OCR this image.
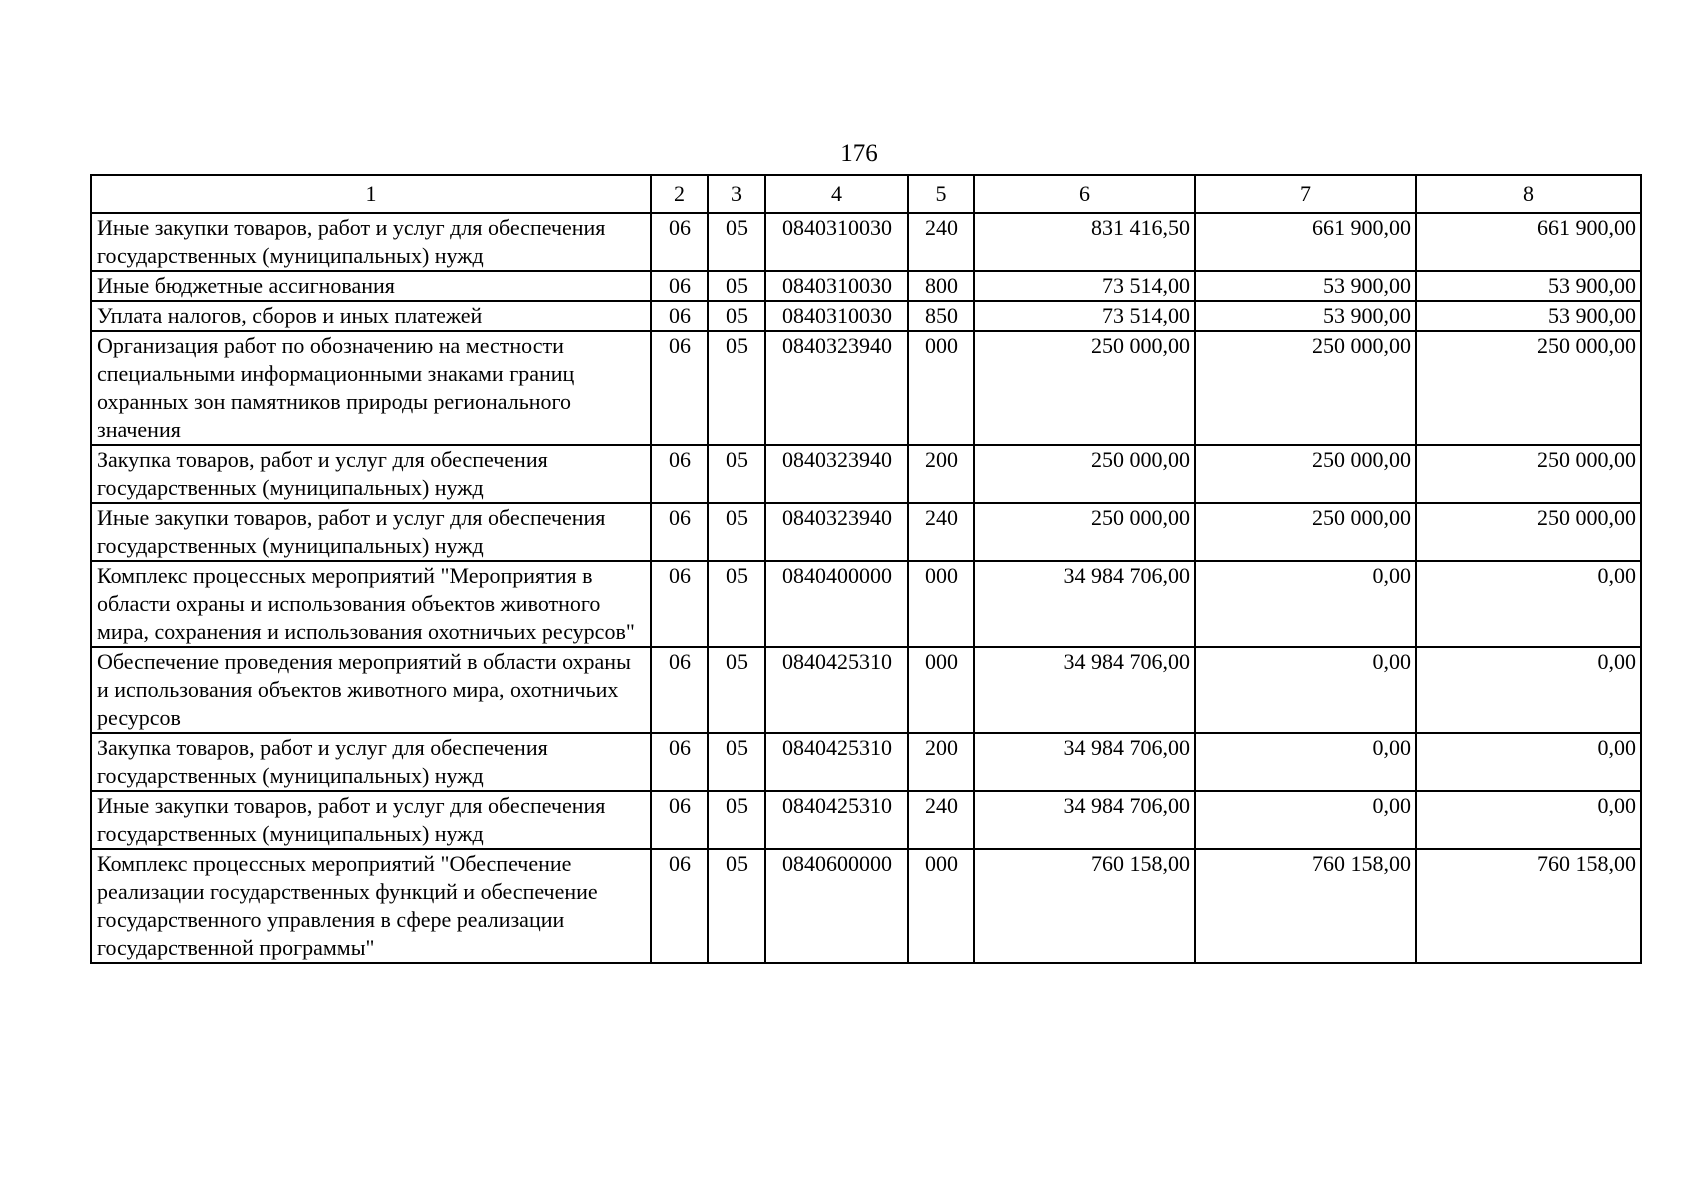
176
1	2	3	4	5	6	7	8
Иные закупки товаров, работ и услуг для обеспечения государственных (муниципальных) нужд	06	05	0840310030	240	831 416,50	661 900,00	661 900,00
Иные бюджетные ассигнования	06	05	0840310030	800	73 514,00	53 900,00	53 900,00
Уплата налогов, сборов и иных платежей	06	05	0840310030	850	73 514,00	53 900,00	53 900,00
Организация работ по обозначению на местности специальными информационными знаками границ охранных зон памятников природы регионального значения	06	05	0840323940	000	250 000,00	250 000,00	250 000,00
Закупка товаров, работ и услуг для обеспечения государственных (муниципальных) нужд	06	05	0840323940	200	250 000,00	250 000,00	250 000,00
Иные закупки товаров, работ и услуг для обеспечения государственных (муниципальных) нужд	06	05	0840323940	240	250 000,00	250 000,00	250 000,00
Комплекс процессных мероприятий "Мероприятия в области охраны и использования объектов животного мира, сохранения и использования охотничьих ресурсов"	06	05	0840400000	000	34 984 706,00	0,00	0,00
Обеспечение проведения мероприятий в области охраны и использования объектов животного мира, охотничьих ресурсов	06	05	0840425310	000	34 984 706,00	0,00	0,00
Закупка товаров, работ и услуг для обеспечения государственных (муниципальных) нужд	06	05	0840425310	200	34 984 706,00	0,00	0,00
Иные закупки товаров, работ и услуг для обеспечения государственных (муниципальных) нужд	06	05	0840425310	240	34 984 706,00	0,00	0,00
Комплекс процессных мероприятий "Обеспечение реализации государственных функций и обеспечение государственного управления в сфере реализации государственной программы"	06	05	0840600000	000	760 158,00	760 158,00	760 158,00
